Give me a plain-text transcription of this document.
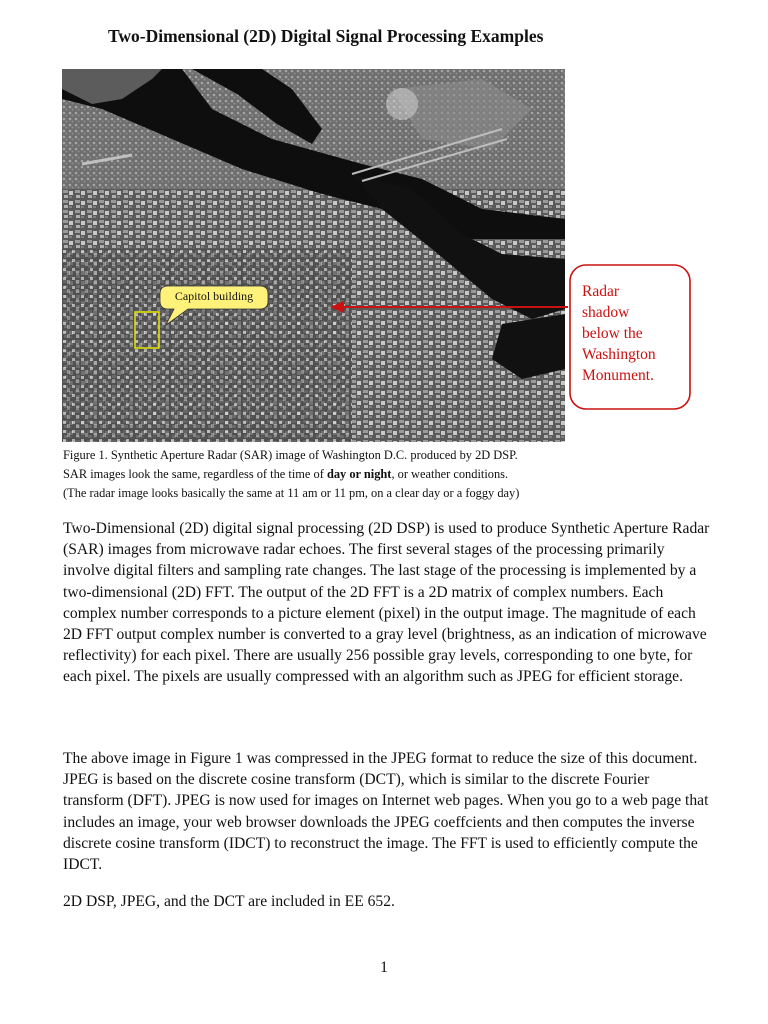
Two-Dimensional (2D) Digital Signal Processing Examples
Radar
shadow
below the
Washington
Monument.
Capitol building
Figure 1. Synthetic Aperture Radar (SAR) image of Washington D.C. produced by 2D DSP.
SAR images look the same, regardless of the time of day or night, or weather conditions.
(The radar image looks basically the same at 11 am or 11 pm, on a clear day or a foggy day)

Two-Dimensional (2D) digital signal processing (2D DSP) is used to produce Synthetic Aperture Radar (SAR) images from microwave radar echoes. The first several stages of the processing primarily involve digital filters and sampling rate changes. The last stage of the processing is implemented by a two-dimensional (2D) FFT. The output of the 2D FFT is a 2D matrix of complex numbers. Each complex number corresponds to a picture element (pixel) in the output image. The magnitude of each 2D FFT output complex number is converted to a gray level (brightness, as an indication of microwave reflectivity) for each pixel. There are usually 256 possible gray levels, corresponding to one byte, for each pixel. The pixels are usually compressed with an algorithm such as JPEG for efficient storage.

The above image in Figure 1 was compressed in the JPEG format to reduce the size of this document. JPEG is based on the discrete cosine transform (DCT), which is similar to the discrete Fourier transform (DFT). JPEG is now used for images on Internet web pages. When you go to a web page that includes an image, your web browser downloads the JPEG coeffcients and then computes the inverse discrete cosine transform (IDCT) to reconstruct the image. The FFT is used to efficiently compute the IDCT.

2D DSP, JPEG, and the DCT are included in EE 652.

1
